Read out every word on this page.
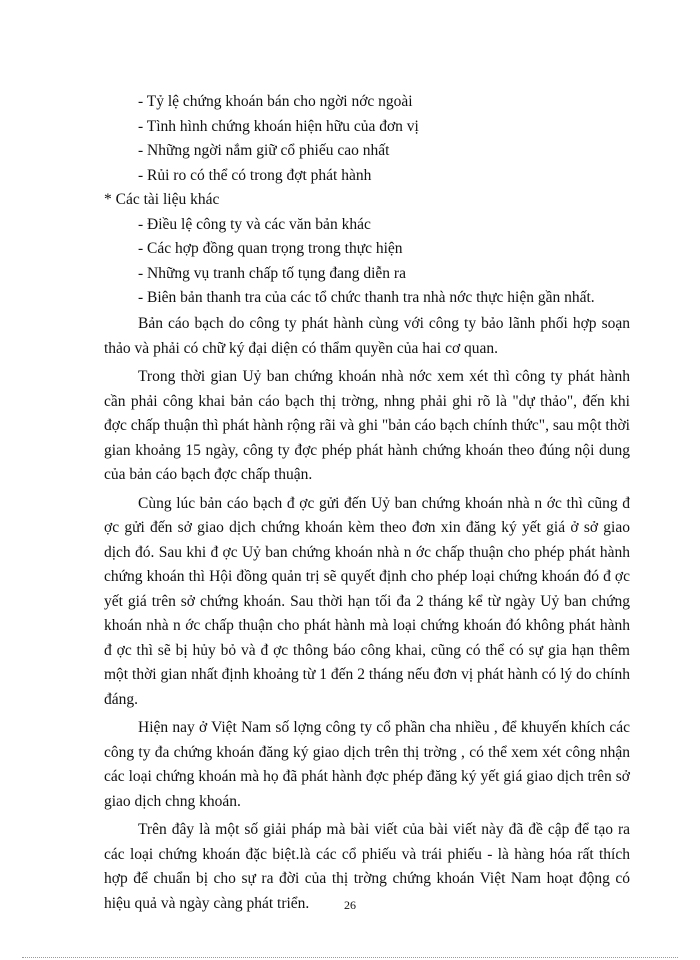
- Tỷ lệ chứng khoán bán cho ngời nớc ngoài
- Tình hình chứng khoán hiện hữu của đơn vị
- Những ngời nắm giữ cổ phiếu cao nhất
- Rủi ro có thể có trong đợt phát hành
* Các tài liệu khác
- Điều lệ công ty và các văn bản khác
- Các hợp đồng quan trọng trong thực hiện
- Những vụ tranh chấp tố tụng đang diễn ra
- Biên bản thanh tra của các tổ chức thanh tra nhà nớc thực hiện gần nhất.

Bản cáo bạch do công ty phát hành cùng với công ty bảo lãnh phối hợp soạn thảo và phải có chữ ký đại diện có thẩm quyền của hai cơ quan.

Trong thời gian Uỷ ban chứng khoán nhà nớc xem xét thì công ty phát hành cần phải công khai bản cáo bạch thị trờng, nhng phải ghi rõ là "dự thảo", đến khi đợc chấp thuận thì phát hành rộng rãi và ghi "bản cáo bạch chính thức", sau một thời gian khoảng 15 ngày, công ty đợc phép phát hành chứng khoán theo đúng nội dung của bản cáo bạch đợc chấp thuận.

Cùng lúc bản cáo bạch đ ợc gửi đến Uỷ ban chứng khoán nhà n ớc thì cũng đ ợc gửi đến sở giao dịch chứng khoán kèm theo đơn xin đăng ký yết giá ở sở giao dịch đó. Sau khi đ ợc Uỷ ban chứng khoán nhà n ớc chấp thuận cho phép phát hành chứng khoán thì Hội đồng quản trị sẽ quyết định cho phép loại chứng khoán đó đ ợc yết giá trên sở chứng khoán. Sau thời hạn tối đa 2 tháng kể từ ngày Uỷ ban chứng khoán nhà n ớc chấp thuận cho phát hành mà loại chứng khoán đó không phát hành đ ợc thì sẽ bị hủy bỏ và đ ợc thông báo công khai, cũng có thể có sự gia hạn thêm một thời gian nhất định khoảng từ 1 đến 2 tháng nếu đơn vị phát hành có lý do chính đáng.

Hiện nay ở Việt Nam số lợng công ty cổ phần cha nhiều , để khuyến khích các công ty đa chứng khoán đăng ký giao dịch trên thị trờng , có thể xem xét công nhận các loại chứng khoán mà họ đã phát hành đợc phép đăng ký yết giá giao dịch trên sở giao dịch chng khoán.

Trên đây là một số giải pháp mà bài viết của bài viết này đã đề cập để tạo ra các loại chứng khoán đặc biệt.là các cổ phiếu và trái phiếu - là hàng hóa rất thích hợp để chuẩn bị cho sự ra đời của thị trờng chứng khoán Việt Nam hoạt động có hiệu quả và ngày càng phát triển.	26
